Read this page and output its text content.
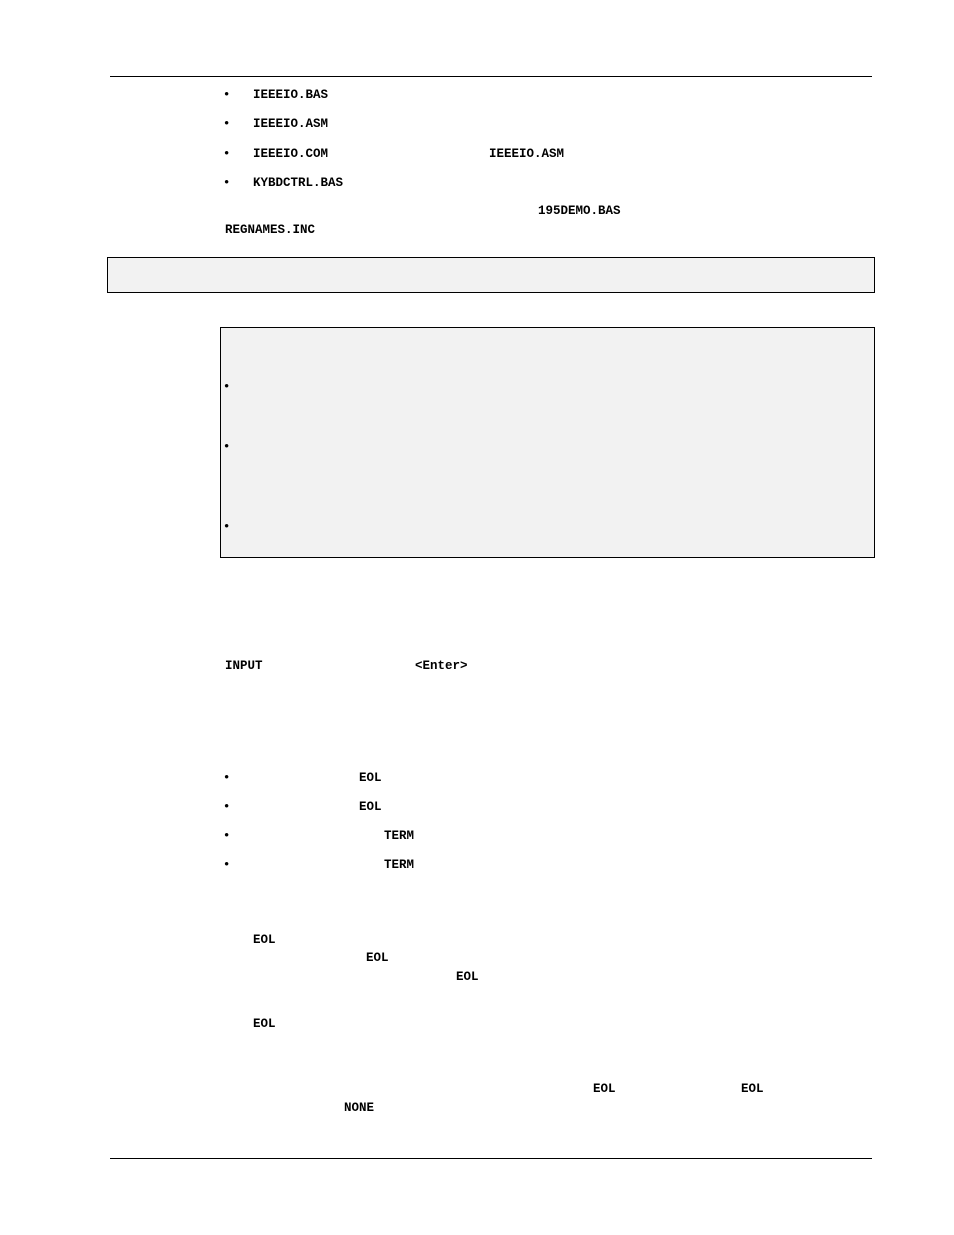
• IEEEIO.BAS
• IEEEIO.ASM
• IEEEIO.COM	IEEEIO.ASM
• KYBDCTRL.BAS
195DEMO.BAS
REGNAMES.INC
•
•
•
INPUT	<Enter>
•	EOL
•	EOL
•	TERM
•	TERM
EOL
EOL
EOL
EOL
EOL	EOL
NONE
